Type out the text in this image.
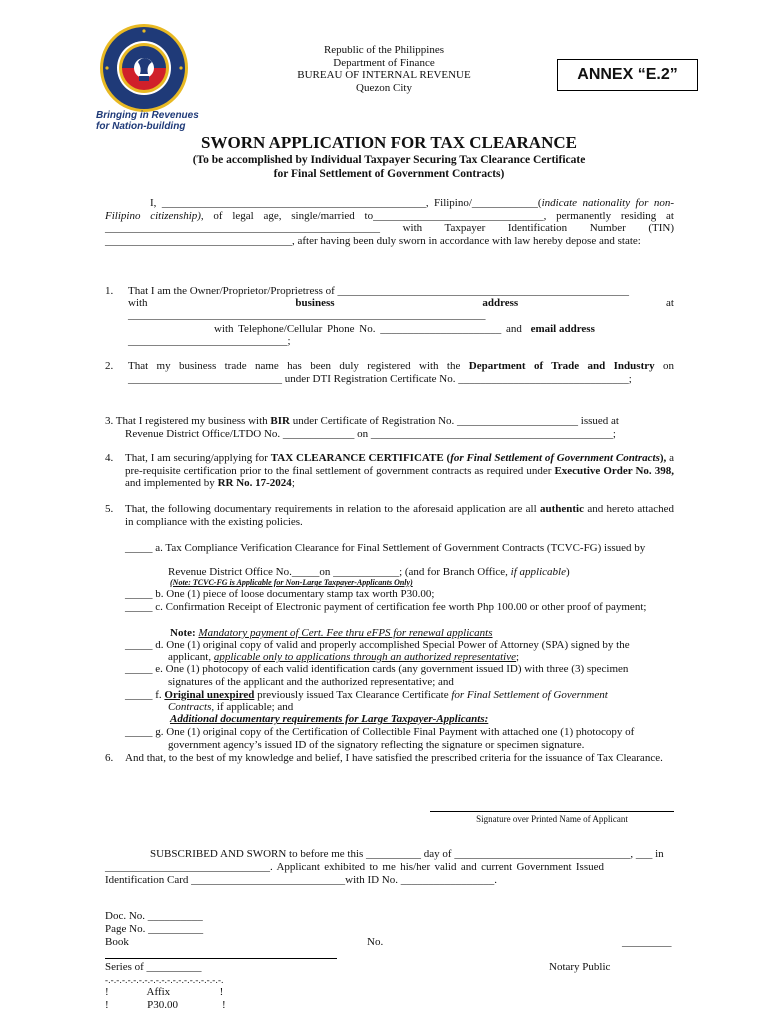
Bringing in Revenues
for Nation-building
Republic of the Philippines
Department of Finance
BUREAU OF INTERNAL REVENUE
Quezon City
ANNEX “E.2”
SWORN APPLICATION FOR TAX CLEARANCE
(To be accomplished by Individual Taxpayer Securing Tax Clearance Certificate
for Final Settlement of Government Contracts)
I, ________________________________________________, Filipino/____________(indicate nationality for non-Filipino citizenship), of legal age, single/married to_______________________________, permanently residing at __________________________________________________ with Taxpayer Identification Number (TIN) __________________________________, after having been duly sworn in accordance with law hereby depose and state:
1. That I am the Owner/Proprietor/Proprietress of _____________________________________________________
with	business	address	at
_________________________________________________________________
with Telephone/Cellular Phone No. ______________________ and email address
_____________________________;
2. That my business trade name has been duly registered with the Department of Trade and Industry on ____________________________ under DTI Registration Certificate No. _______________________________;
3. That I registered my business with BIR under Certificate of Registration No. ______________________ issued at
Revenue District Office/LTDO No. _____________ on ____________________________________________;
4. That, I am securing/applying for TAX CLEARANCE CERTIFICATE (for Final Settlement of Government Contracts), a pre-requisite certification prior to the final settlement of government contracts as required under Executive Order No. 398, and implemented by RR No. 17-2024;
5. That, the following documentary requirements in relation to the aforesaid application are all authentic and hereto attached in compliance with the existing policies.
_____ a. Tax Compliance Verification Clearance for Final Settlement of Government Contracts (TCVC-FG) issued by
Revenue District Office No._____on ____________; (and for Branch Office, if applicable)
(Note: TCVC-FG is Applicable for Non-Large Taxpayer-Applicants Only)
_____ b. One (1) piece of loose documentary stamp tax worth P30.00;
_____ c. Confirmation Receipt of Electronic payment of certification fee worth Php 100.00 or other proof of payment;
Note: Mandatory payment of Cert. Fee thru eFPS for renewal applicants
_____ d. One (1) original copy of valid and properly accomplished Special Power of Attorney (SPA) signed by the
applicant, applicable only to applications through an authorized representative;
_____ e. One (1) photocopy of each valid identification cards (any government issued ID) with three (3) specimen
signatures of the applicant and the authorized representative; and
_____ f. Original unexpired previously issued Tax Clearance Certificate for Final Settlement of Government
Contracts, if applicable; and
Additional documentary requirements for Large Taxpayer-Applicants:
_____ g. One (1) original copy of the Certification of Collectible Final Payment with attached one (1) photocopy of
government agency’s issued ID of the signatory reflecting the signature or specimen signature.
6. And that, to the best of my knowledge and belief, I have satisfied the prescribed criteria for the issuance of Tax Clearance.
Signature over Printed Name of Applicant
SUBSCRIBED AND SWORN to before me this __________ day of ________________________________, ___ in
______________________________. Applicant exhibited to me his/her valid and current Government Issued
Identification Card ____________________________with ID No. _________________.
Doc. No. __________
Page No. __________
Book	No.	_________
Series of __________	Notary Public
-.-.-.-.-.-.-.-.-.-.-.-.-.-.-.-.-.-.-.-.-.
!              Affix                  !
!              P30.00                !
